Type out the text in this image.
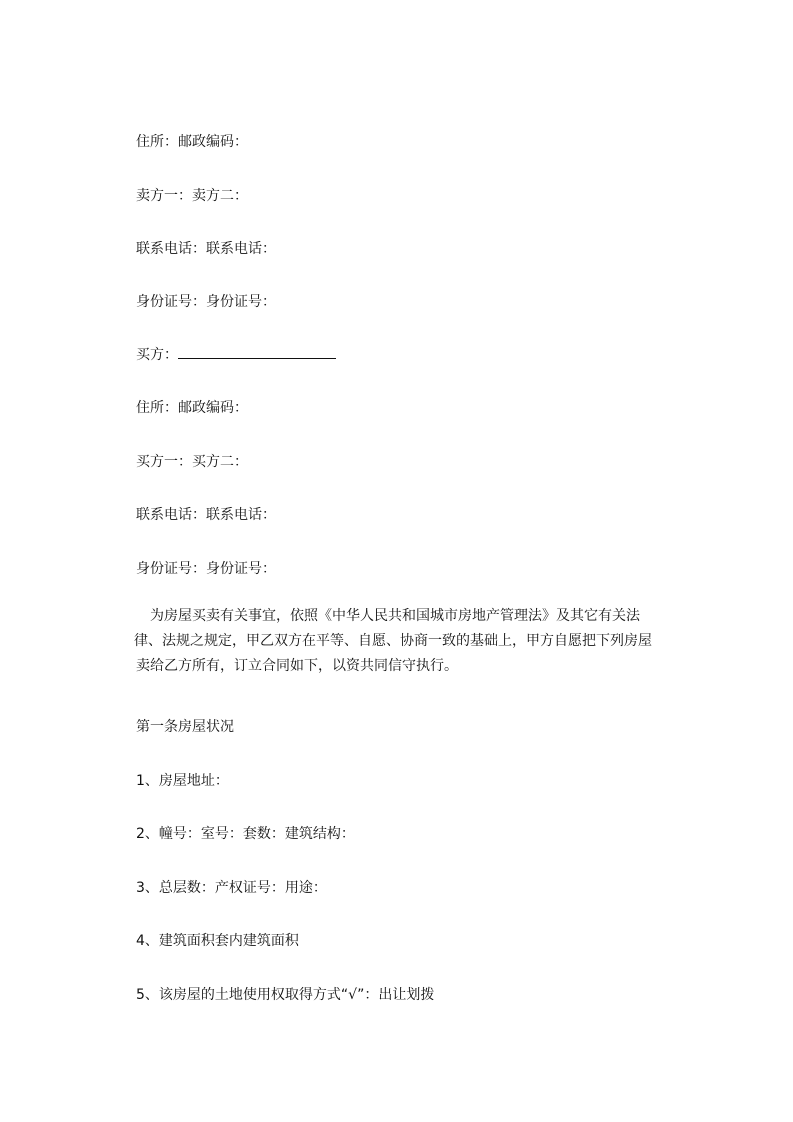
住所：邮政编码：
卖方一：卖方二：
联系电话：联系电话：
身份证号：身份证号：
买方：
住所：邮政编码：
买方一：买方二：
联系电话：联系电话：
身份证号：身份证号：
为房屋买卖有关事宜，依照《中华人民共和国城市房地产管理法》及其它有关法
律、法规之规定，甲乙双方在平等、自愿、协商一致的基础上，甲方自愿把下列房屋
卖给乙方所有，订立合同如下，以资共同信守执行。
第一条房屋状况
1、房屋地址：
2、幢号：室号：套数：建筑结构：
3、总层数：产权证号：用途：
4、建筑面积套内建筑面积
5、该房屋的土地使用权取得方式“√”：出让划拨
